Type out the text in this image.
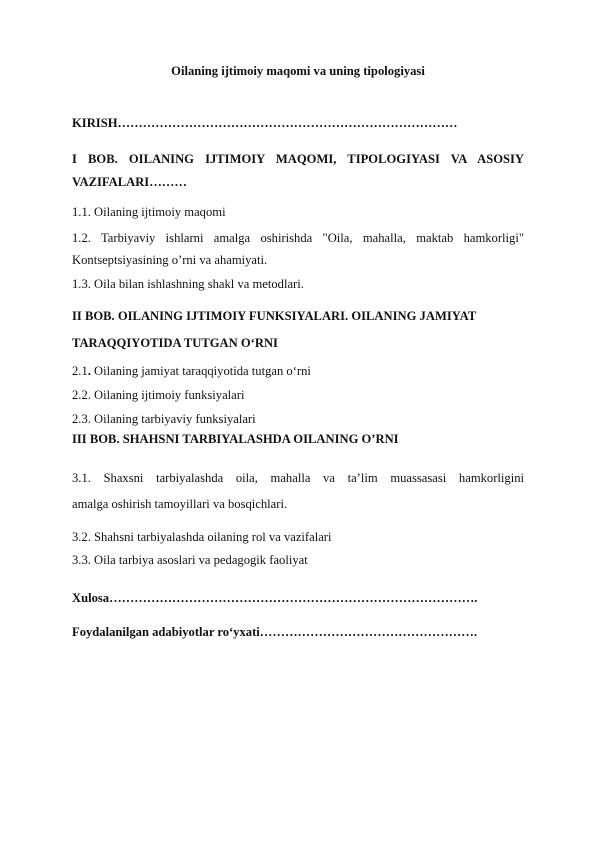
Oilaning ijtimoiy maqomi va uning tipologiyasi
KIRISH………………………………………………………………………
I BOB. OILANING IJTIMOIY MAQOMI, TIPOLOGIYASI VA ASOSIY
VAZIFALARI………
1.1. Oilaning ijtimoiy maqomi
1.2. Tarbiyaviy ishlarni amalga oshirishda "Oila, mahalla, maktab hamkorligi"
Kontseptsiyasining o’rni va ahamiyati.
1.3. Oila bilan ishlashning shakl va metodlari.
II BOB. OILANING IJTIMOIY FUNKSIYALARI. OILANING JAMIYAT
TARAQQIYOTIDA TUTGAN O‘RNI
2.1. Oilaning jamiyat taraqqiyotida tutgan o‘rni
2.2. Oilaning ijtimoiy funksiyalari
2.3. Oilaning tarbiyaviy funksiyalari
III BOB. SHAHSNI TARBIYALASHDA OILANING O’RNI
3.1. Shaxsni tarbiyalashda oila, mahalla va ta’lim muassasasi hamkorligini
amalga oshirish tamoyillari va bosqichlari.
3.2. Shahsni tarbiyalashda oilaning rol va vazifalari
3.3. Oila tarbiya asoslari va pedagogik faoliyat
Xulosa…………………………………………………………………………….
Foydalanilgan adabiyotlar ro‘yxati…………………………………………….
